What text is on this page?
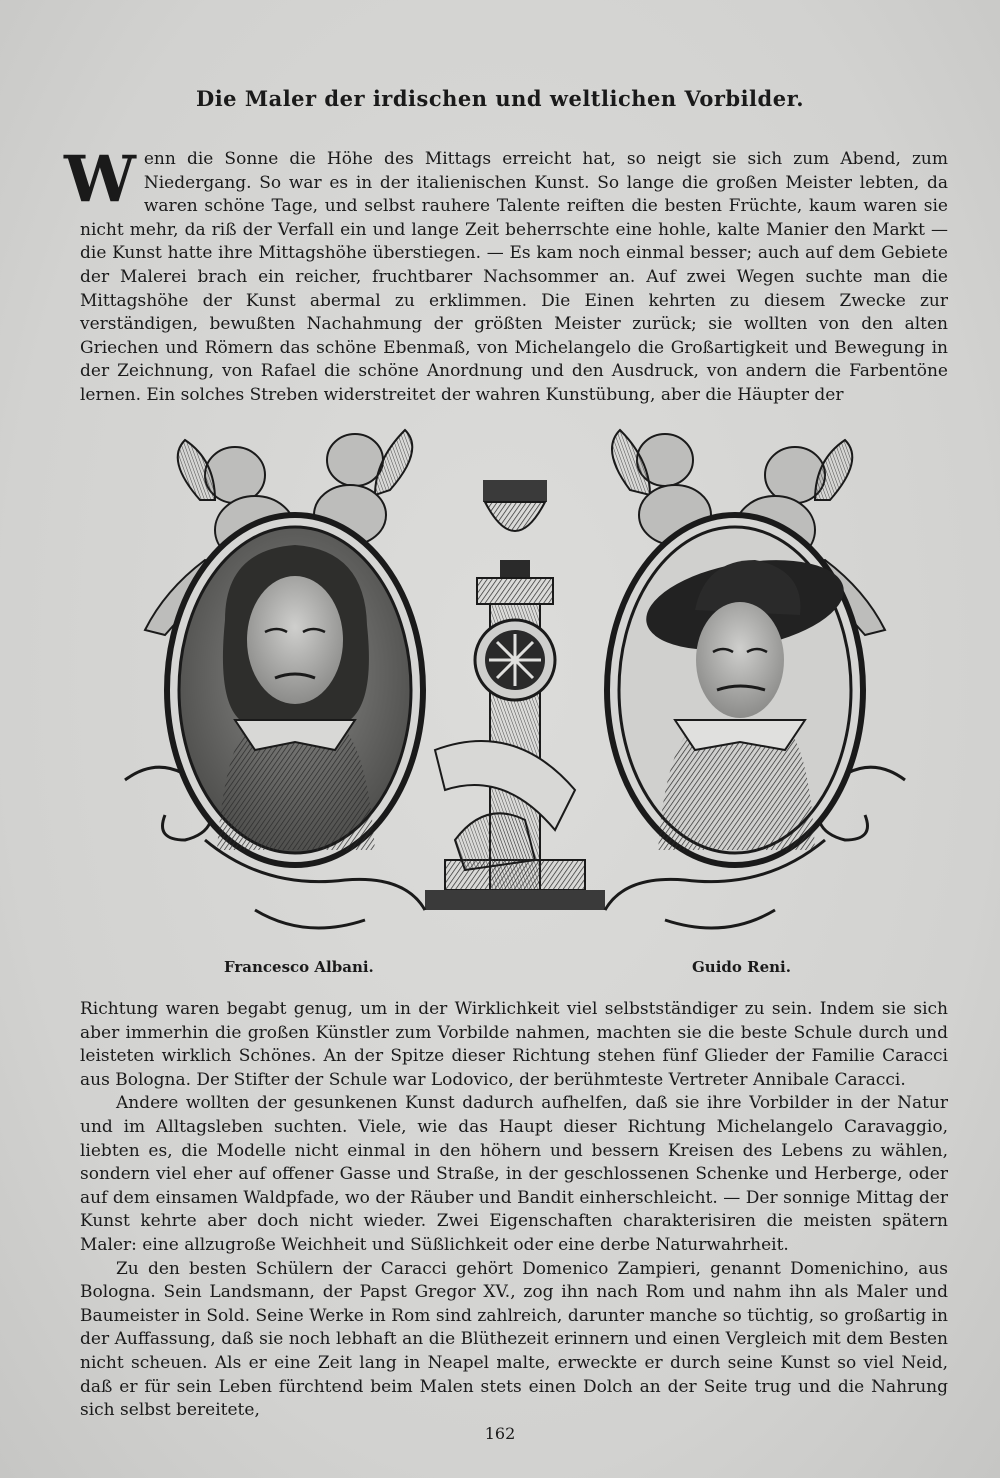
Die Maler der irdischen und weltlichen Vorbilder.

W enn die Sonne die Höhe des Mittags erreicht hat, so neigt sie sich zum Abend, zum Niedergang. So war es in der italienischen Kunst. So lange die großen Meister lebten, da waren schöne Tage, und selbst rauhere Talente reiften die besten Früchte, kaum waren sie nicht mehr, da riß der Verfall ein und lange Zeit beherrschte eine hohle, kalte Manier den Markt — die Kunst hatte ihre Mittagshöhe überstiegen. — Es kam noch einmal besser; auch auf dem Gebiete der Malerei brach ein reicher, fruchtbarer Nachsommer an. Auf zwei Wegen suchte man die Mittagshöhe der Kunst abermal zu erklimmen. Die Einen kehrten zu diesem Zwecke zur verständigen, bewußten Nachahmung der größten Meister zurück; sie wollten von den alten Griechen und Römern das schöne Ebenmaß, von Michelangelo die Großartigkeit und Bewegung in der Zeichnung, von Rafael die schöne Anordnung und den Ausdruck, von andern die Farbentöne lernen. Ein solches Streben widerstreitet der wahren Kunstübung, aber die Häupter der

Francesco Albani.	Guido Reni.

Richtung waren begabt genug, um in der Wirklichkeit viel selbstständiger zu sein. Indem sie sich aber immerhin die großen Künstler zum Vorbilde nahmen, machten sie die beste Schule durch und leisteten wirklich Schönes. An der Spitze dieser Richtung stehen fünf Glieder der Familie Caracci aus Bologna. Der Stifter der Schule war Lodovico, der berühmteste Vertreter Annibale Caracci.

Andere wollten der gesunkenen Kunst dadurch aufhelfen, daß sie ihre Vorbilder in der Natur und im Alltagsleben suchten. Viele, wie das Haupt dieser Richtung Michelangelo Caravaggio, liebten es, die Modelle nicht einmal in den höhern und bessern Kreisen des Lebens zu wählen, sondern viel eher auf offener Gasse und Straße, in der geschlossenen Schenke und Herberge, oder auf dem einsamen Waldpfade, wo der Räuber und Bandit einherschleicht. — Der sonnige Mittag der Kunst kehrte aber doch nicht wieder. Zwei Eigenschaften charakterisiren die meisten spätern Maler: eine allzugroße Weichheit und Süßlichkeit oder eine derbe Naturwahrheit.

Zu den besten Schülern der Caracci gehört Domenico Zampieri, genannt Domenichino, aus Bologna. Sein Landsmann, der Papst Gregor XV., zog ihn nach Rom und nahm ihn als Maler und Baumeister in Sold. Seine Werke in Rom sind zahlreich, darunter manche so tüchtig, so großartig in der Auffassung, daß sie noch lebhaft an die Blüthezeit erinnern und einen Vergleich mit dem Besten nicht scheuen. Als er eine Zeit lang in Neapel malte, erweckte er durch seine Kunst so viel Neid, daß er für sein Leben fürchtend beim Malen stets einen Dolch an der Seite trug und die Nahrung sich selbst bereitete,

162
